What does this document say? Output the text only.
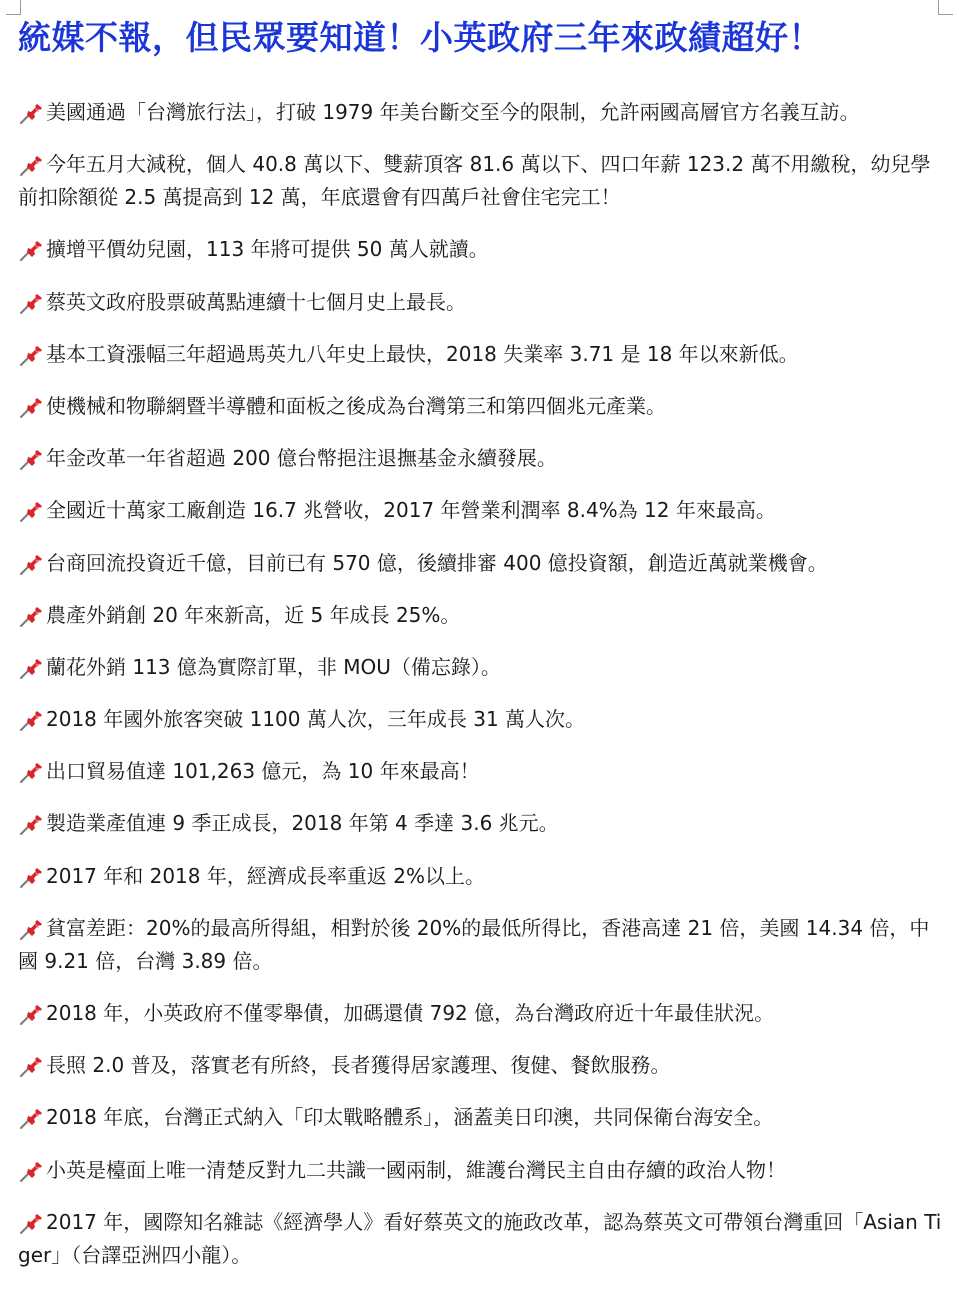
統媒不報，但民眾要知道！小英政府三年來政績超好！
美國通過「台灣旅行法」，打破 1979 年美台斷交至今的限制，允許兩國高層官方名義互訪。
今年五月大減稅，個人 40.8 萬以下、雙薪頂客 81.6 萬以下、四口年薪 123.2 萬不用繳稅，幼兒學前扣除額從 2.5 萬提高到 12 萬，年底還會有四萬戶社會住宅完工！
擴增平價幼兒園，113 年將可提供 50 萬人就讀。
蔡英文政府股票破萬點連續十七個月史上最長。
基本工資漲幅三年超過馬英九八年史上最快，2018 失業率 3.71 是 18 年以來新低。
使機械和物聯網暨半導體和面板之後成為台灣第三和第四個兆元產業。
年金改革一年省超過 200 億台幣挹注退撫基金永續發展。
全國近十萬家工廠創造 16.7 兆營收，2017 年營業利潤率 8.4%為 12 年來最高。
台商回流投資近千億，目前已有 570 億，後續排審 400 億投資額，創造近萬就業機會。
農產外銷創 20 年來新高，近 5 年成長 25%。
蘭花外銷 113 億為實際訂單，非 MOU（備忘錄）。
2018 年國外旅客突破 1100 萬人次，三年成長 31 萬人次。
出口貿易值達 101,263 億元，為 10 年來最高！
製造業產值連 9 季正成長，2018 年第 4 季達 3.6 兆元。
2017 年和 2018 年，經濟成長率重返 2%以上。
貧富差距：20%的最高所得組，相對於後 20%的最低所得比，香港高達 21 倍，美國 14.34 倍，中國 9.21 倍，台灣 3.89 倍。
2018 年，小英政府不僅零舉債，加碼還債 792 億，為台灣政府近十年最佳狀況。
長照 2.0 普及，落實老有所終，長者獲得居家護理、復健、餐飲服務。
2018 年底，台灣正式納入「印太戰略體系」，涵蓋美日印澳，共同保衛台海安全。
小英是檯面上唯一清楚反對九二共識一國兩制，維護台灣民主自由存續的政治人物！
2017 年，國際知名雜誌《經濟學人》看好蔡英文的施政改革，認為蔡英文可帶領台灣重回「Asian Tiger」（台譯亞洲四小龍）。
